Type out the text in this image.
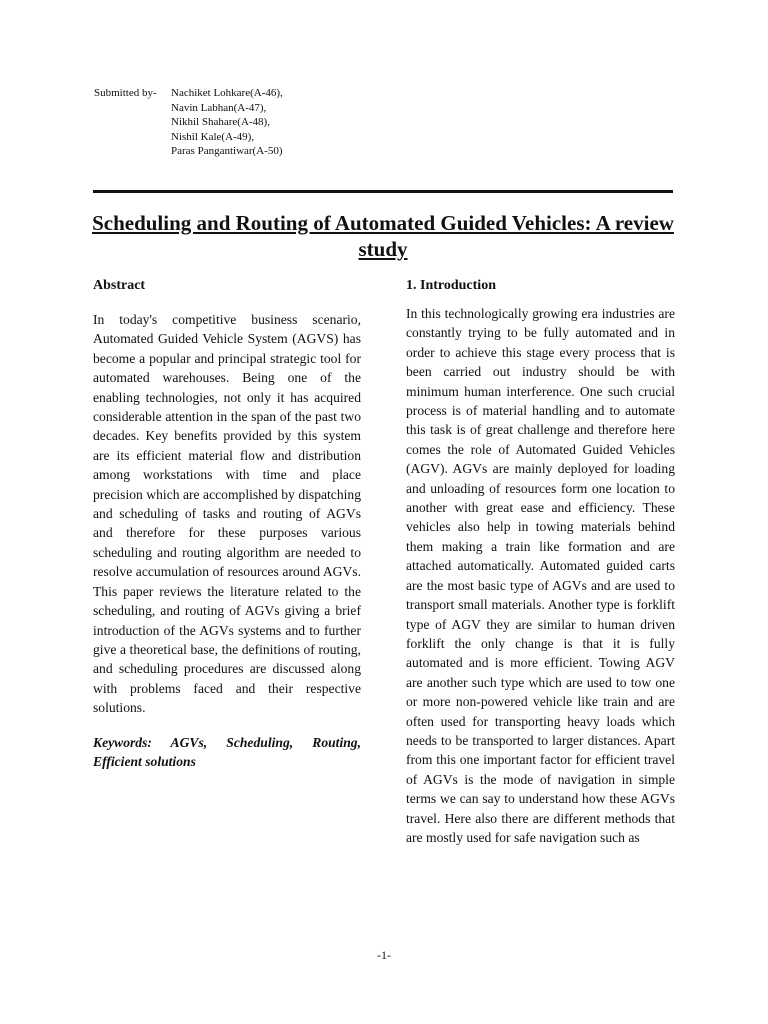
Submitted by-	Nachiket Lohkare(A-46),
Navin Labhan(A-47),
Nikhil Shahare(A-48),
Nishil Kale(A-49),
Paras Pangantiwar(A-50)
Scheduling and Routing of Automated Guided Vehicles: A review study
Abstract

In today's competitive business scenario, Automated Guided Vehicle System (AGVS) has become a popular and principal strategic tool for automated warehouses. Being one of the enabling technologies, not only it has acquired considerable attention in the span of the past two decades. Key benefits provided by this system are its efficient material flow and distribution among workstations with time and place precision which are accomplished by dispatching and scheduling of tasks and routing of AGVs and therefore for these purposes various scheduling and routing algorithm are needed to resolve accumulation of resources around AGVs. This paper reviews the literature related to the scheduling, and routing of AGVs giving a brief introduction of the AGVs systems and to further give a theoretical base, the definitions of routing, and scheduling procedures are discussed along with problems faced and their respective solutions.

Keywords: AGVs, Scheduling, Routing, Efficient solutions
1. Introduction

In this technologically growing era industries are constantly trying to be fully automated and in order to achieve this stage every process that is been carried out industry should be with minimum human interference. One such crucial process is of material handling and to automate this task is of great challenge and therefore here comes the role of Automated Guided Vehicles (AGV). AGVs are mainly deployed for loading and unloading of resources form one location to another with great ease and efficiency. These vehicles also help in towing materials behind them making a train like formation and are attached automatically. Automated guided carts are the most basic type of AGVs and are used to transport small materials. Another type is forklift type of AGV they are similar to human driven forklift the only change is that it is fully automated and is more efficient. Towing AGV are another such type which are used to tow one or more non-powered vehicle like train and are often used for transporting heavy loads which needs to be transported to larger distances. Apart from this one important factor for efficient travel of AGVs is the mode of navigation in simple terms we can say to understand how these AGVs travel. Here also there are different methods that are mostly used for safe navigation such as

-1-
